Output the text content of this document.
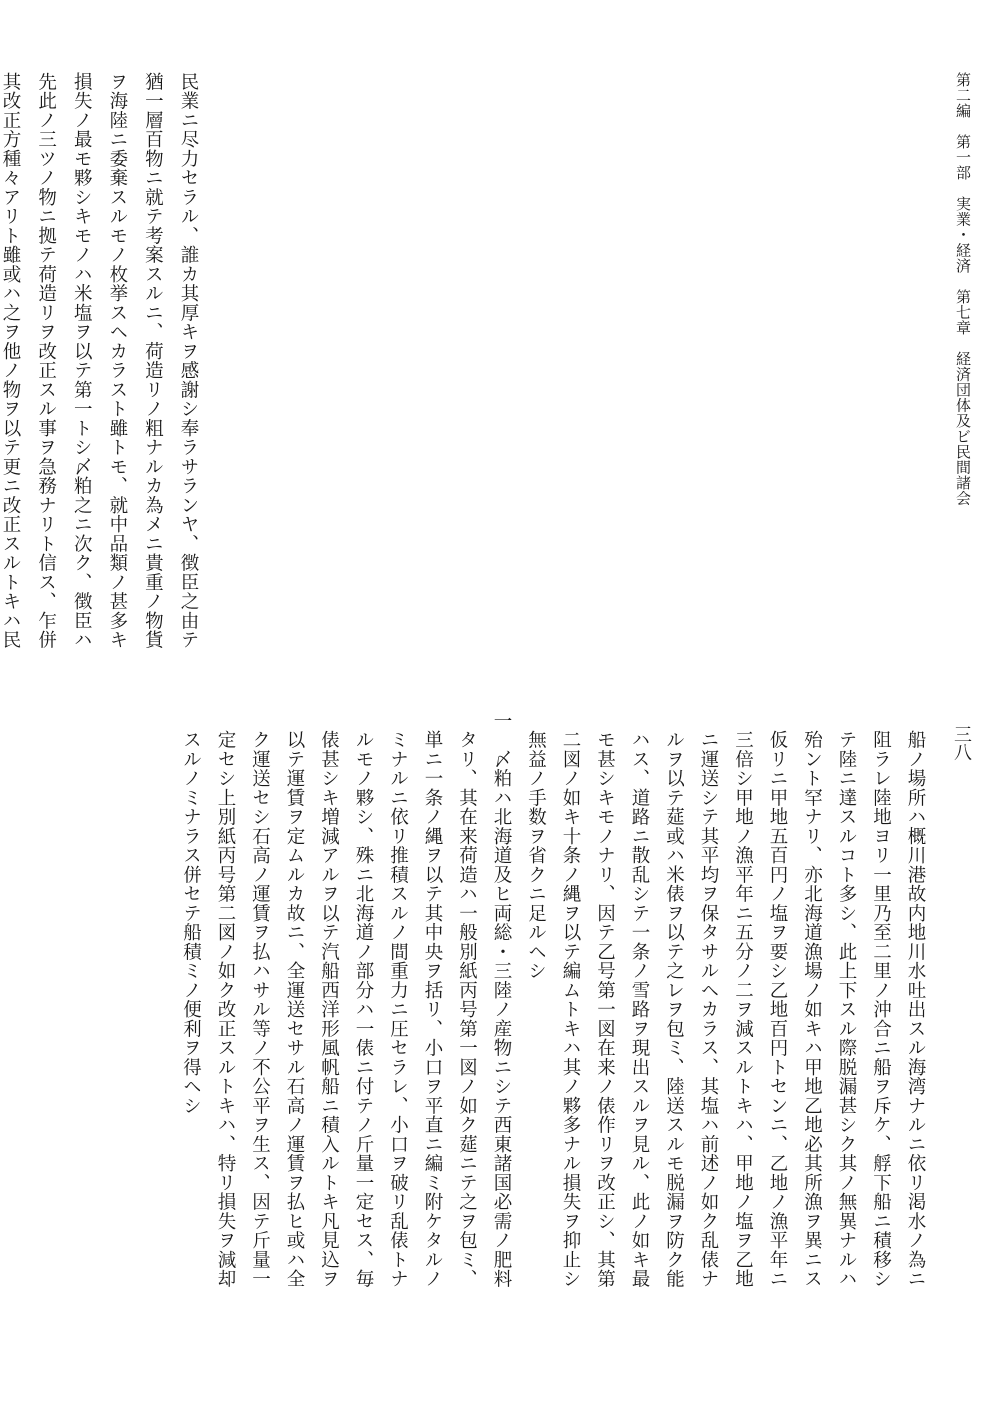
第二編　第一部　実業・経済　第七章　経済団体及ビ民間諸会
三八
民業ニ尽力セラル、誰カ其厚キヲ感謝シ奉ラサランヤ、徴臣之由テ
猶一層百物ニ就テ考案スルニ、荷造リノ粗ナルカ為メニ貴重ノ物貨
ヲ海陸ニ委棄スルモノ枚挙スヘカラスト雖トモ、就中品類ノ甚多キ
損失ノ最モ夥シキモノハ米塩ヲ以テ第一トシ〆粕之ニ次ク、徴臣ハ
先此ノ三ツノ物ニ拠テ荷造リヲ改正スル事ヲ急務ナリト信ス、乍併
其改正方種々アリト雖或ハ之ヲ他ノ物ヲ以テ更ニ改正スルトキハ民
　船ノ場所ハ概川港故内地川水吐出スル海湾ナルニ依リ渇水ノ為ニ
　阻ラレ陸地ヨリ一里乃至二里ノ沖合ニ船ヲ斥ケ、艀下船ニ積移シ
　テ陸ニ達スルコト多シ、此上下スル際脱漏甚シク其ノ無異ナルハ
　殆ント罕ナリ、亦北海道漁場ノ如キハ甲地乙地必其所漁ヲ異ニス
　仮リニ甲地五百円ノ塩ヲ要シ乙地百円トセンニ、乙地ノ漁平年ニ
　三倍シ甲地ノ漁平年ニ五分ノ二ヲ減スルトキハ、甲地ノ塩ヲ乙地
　ニ運送シテ其平均ヲ保タサルヘカラス、其塩ハ前述ノ如ク乱俵ナ
　ルヲ以テ莚或ハ米俵ヲ以テ之レヲ包ミ、陸送スルモ脱漏ヲ防ク能
　ハス、道路ニ散乱シテ一条ノ雪路ヲ現出スルヲ見ル、此ノ如キ最
　モ甚シキモノナリ、因テ乙号第一図在来ノ俵作リヲ改正シ、其第
　二図ノ如キ十条ノ縄ヲ以テ編ムトキハ其ノ夥多ナル損失ヲ抑止シ
　無益ノ手数ヲ省クニ足ルヘシ
一　〆粕ハ北海道及ヒ両総・三陸ノ産物ニシテ西東諸国必需ノ肥料
　タリ、其在来荷造ハ一般別紙丙号第一図ノ如ク莚ニテ之ヲ包ミ、
　単ニ一条ノ縄ヲ以テ其中央ヲ括リ、小口ヲ平直ニ編ミ附ケタルノ
　ミナルニ依リ推積スルノ間重力ニ圧セラレ、小口ヲ破リ乱俵トナ
　ルモノ夥シ、殊ニ北海道ノ部分ハ一俵ニ付テノ斤量一定セス、毎
　俵甚シキ増減アルヲ以テ汽船西洋形風帆船ニ積入ルトキ凡見込ヲ
　以テ運賃ヲ定ムルカ故ニ、全運送セサル石高ノ運賃ヲ払ヒ或ハ全
　ク運送セシ石高ノ運賃ヲ払ハサル等ノ不公平ヲ生ス、因テ斤量一
　定セシ上別紙丙号第二図ノ如ク改正スルトキハ、特リ損失ヲ減却
　スルノミナラス併セテ船積ミノ便利ヲ得ヘシ
